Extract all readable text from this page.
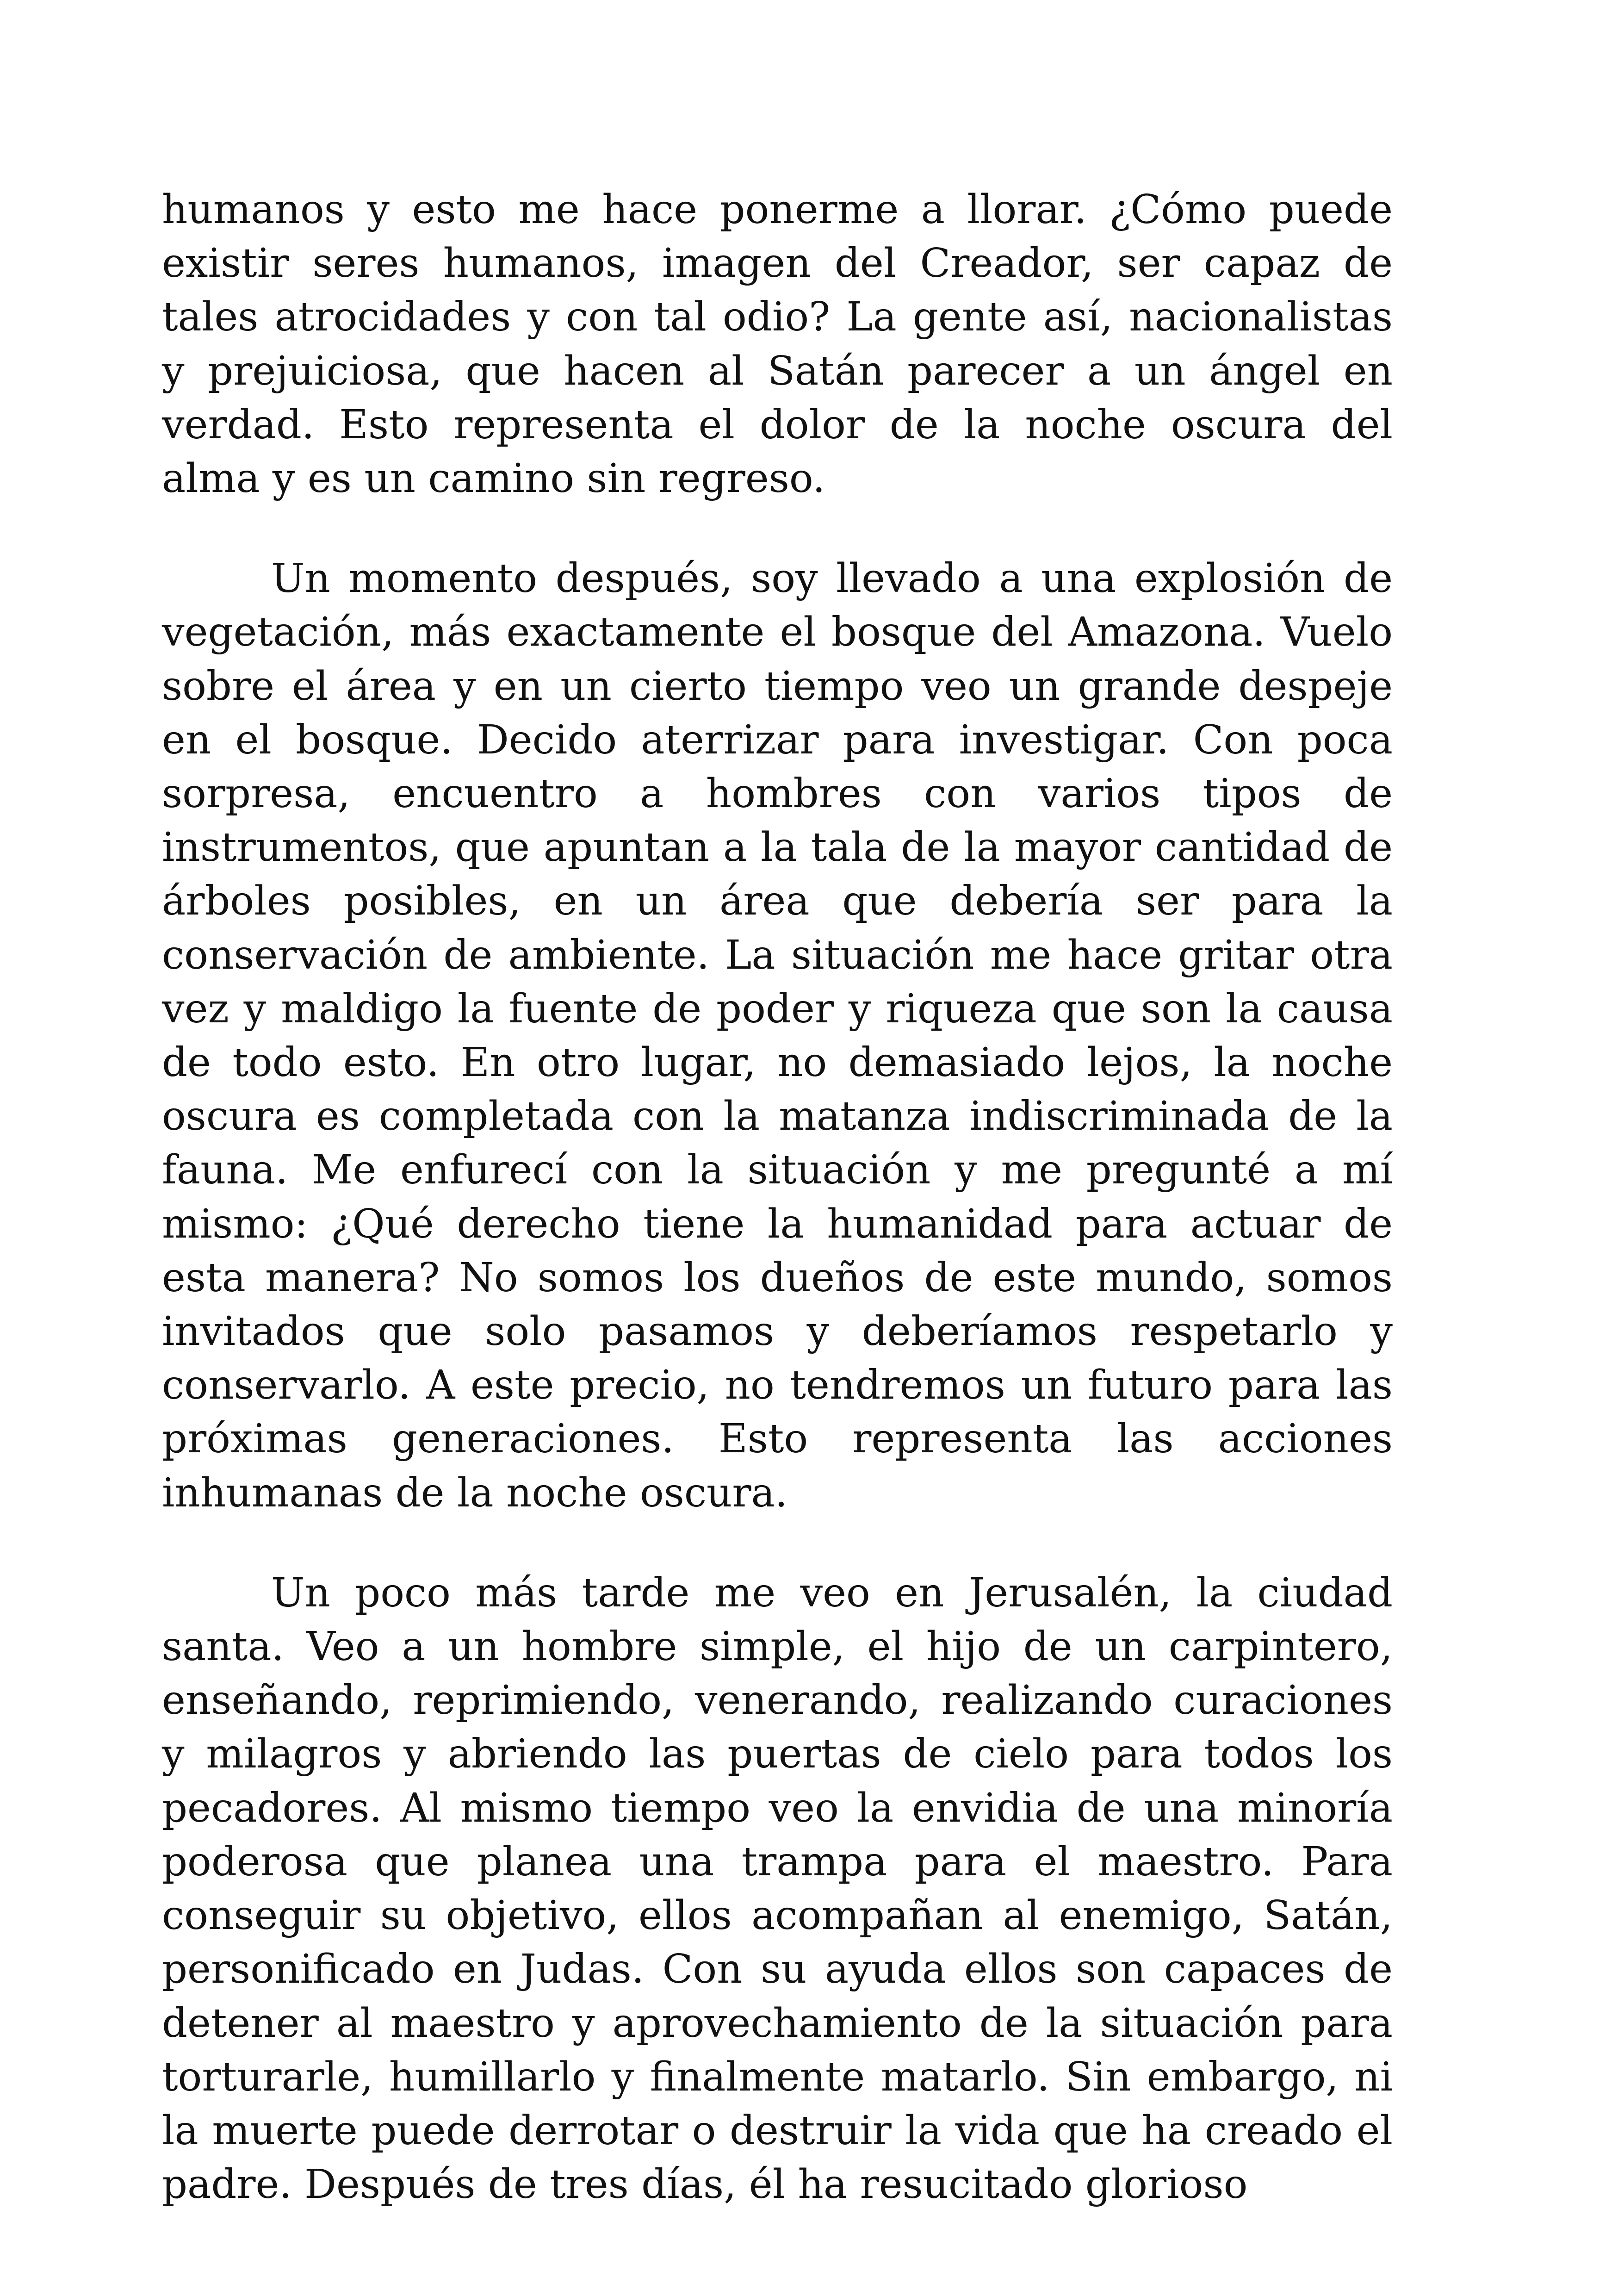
humanos y esto me hace ponerme a llorar. ¿Cómo puede existir seres humanos, imagen del Creador, ser capaz de tales atrocidades y con tal odio? La gente así, nacionalistas y prejuiciosa, que hacen al Satán parecer a un ángel en verdad. Esto representa el dolor de la noche oscura del alma y es un camino sin regreso.

Un momento después, soy llevado a una explosión de vegetación, más exactamente el bosque del Amazona. Vuelo sobre el área y en un cierto tiempo veo un grande despeje en el bosque. Decido aterrizar para investigar. Con poca sorpresa, encuentro a hombres con varios tipos de instrumentos, que apuntan a la tala de la mayor cantidad de árboles posibles, en un área que debería ser para la conservación de ambiente. La situación me hace gritar otra vez y maldigo la fuente de poder y riqueza que son la causa de todo esto. En otro lugar, no demasiado lejos, la noche oscura es completada con la matanza indiscriminada de la fauna. Me enfurecí con la situación y me pregunté a mí mismo: ¿Qué derecho tiene la humanidad para actuar de esta manera? No somos los dueños de este mundo, somos invitados que solo pasamos y deberíamos respetarlo y conservarlo. A este precio, no tendremos un futuro para las próximas generaciones. Esto representa las acciones inhumanas de la noche oscura.

Un poco más tarde me veo en Jerusalén, la ciudad santa. Veo a un hombre simple, el hijo de un carpintero, enseñando, reprimiendo, venerando, realizando curaciones y milagros y abriendo las puertas de cielo para todos los pecadores. Al mismo tiempo veo la envidia de una minoría poderosa que planea una trampa para el maestro. Para conseguir su objetivo, ellos acompañan al enemigo, Satán, personificado en Judas. Con su ayuda ellos son capaces de detener al maestro y aprovechamiento de la situación para torturarle, humillarlo y finalmente matarlo. Sin embargo, ni la muerte puede derrotar o destruir la vida que ha creado el padre. Después de tres días, él ha resucitado glorioso
